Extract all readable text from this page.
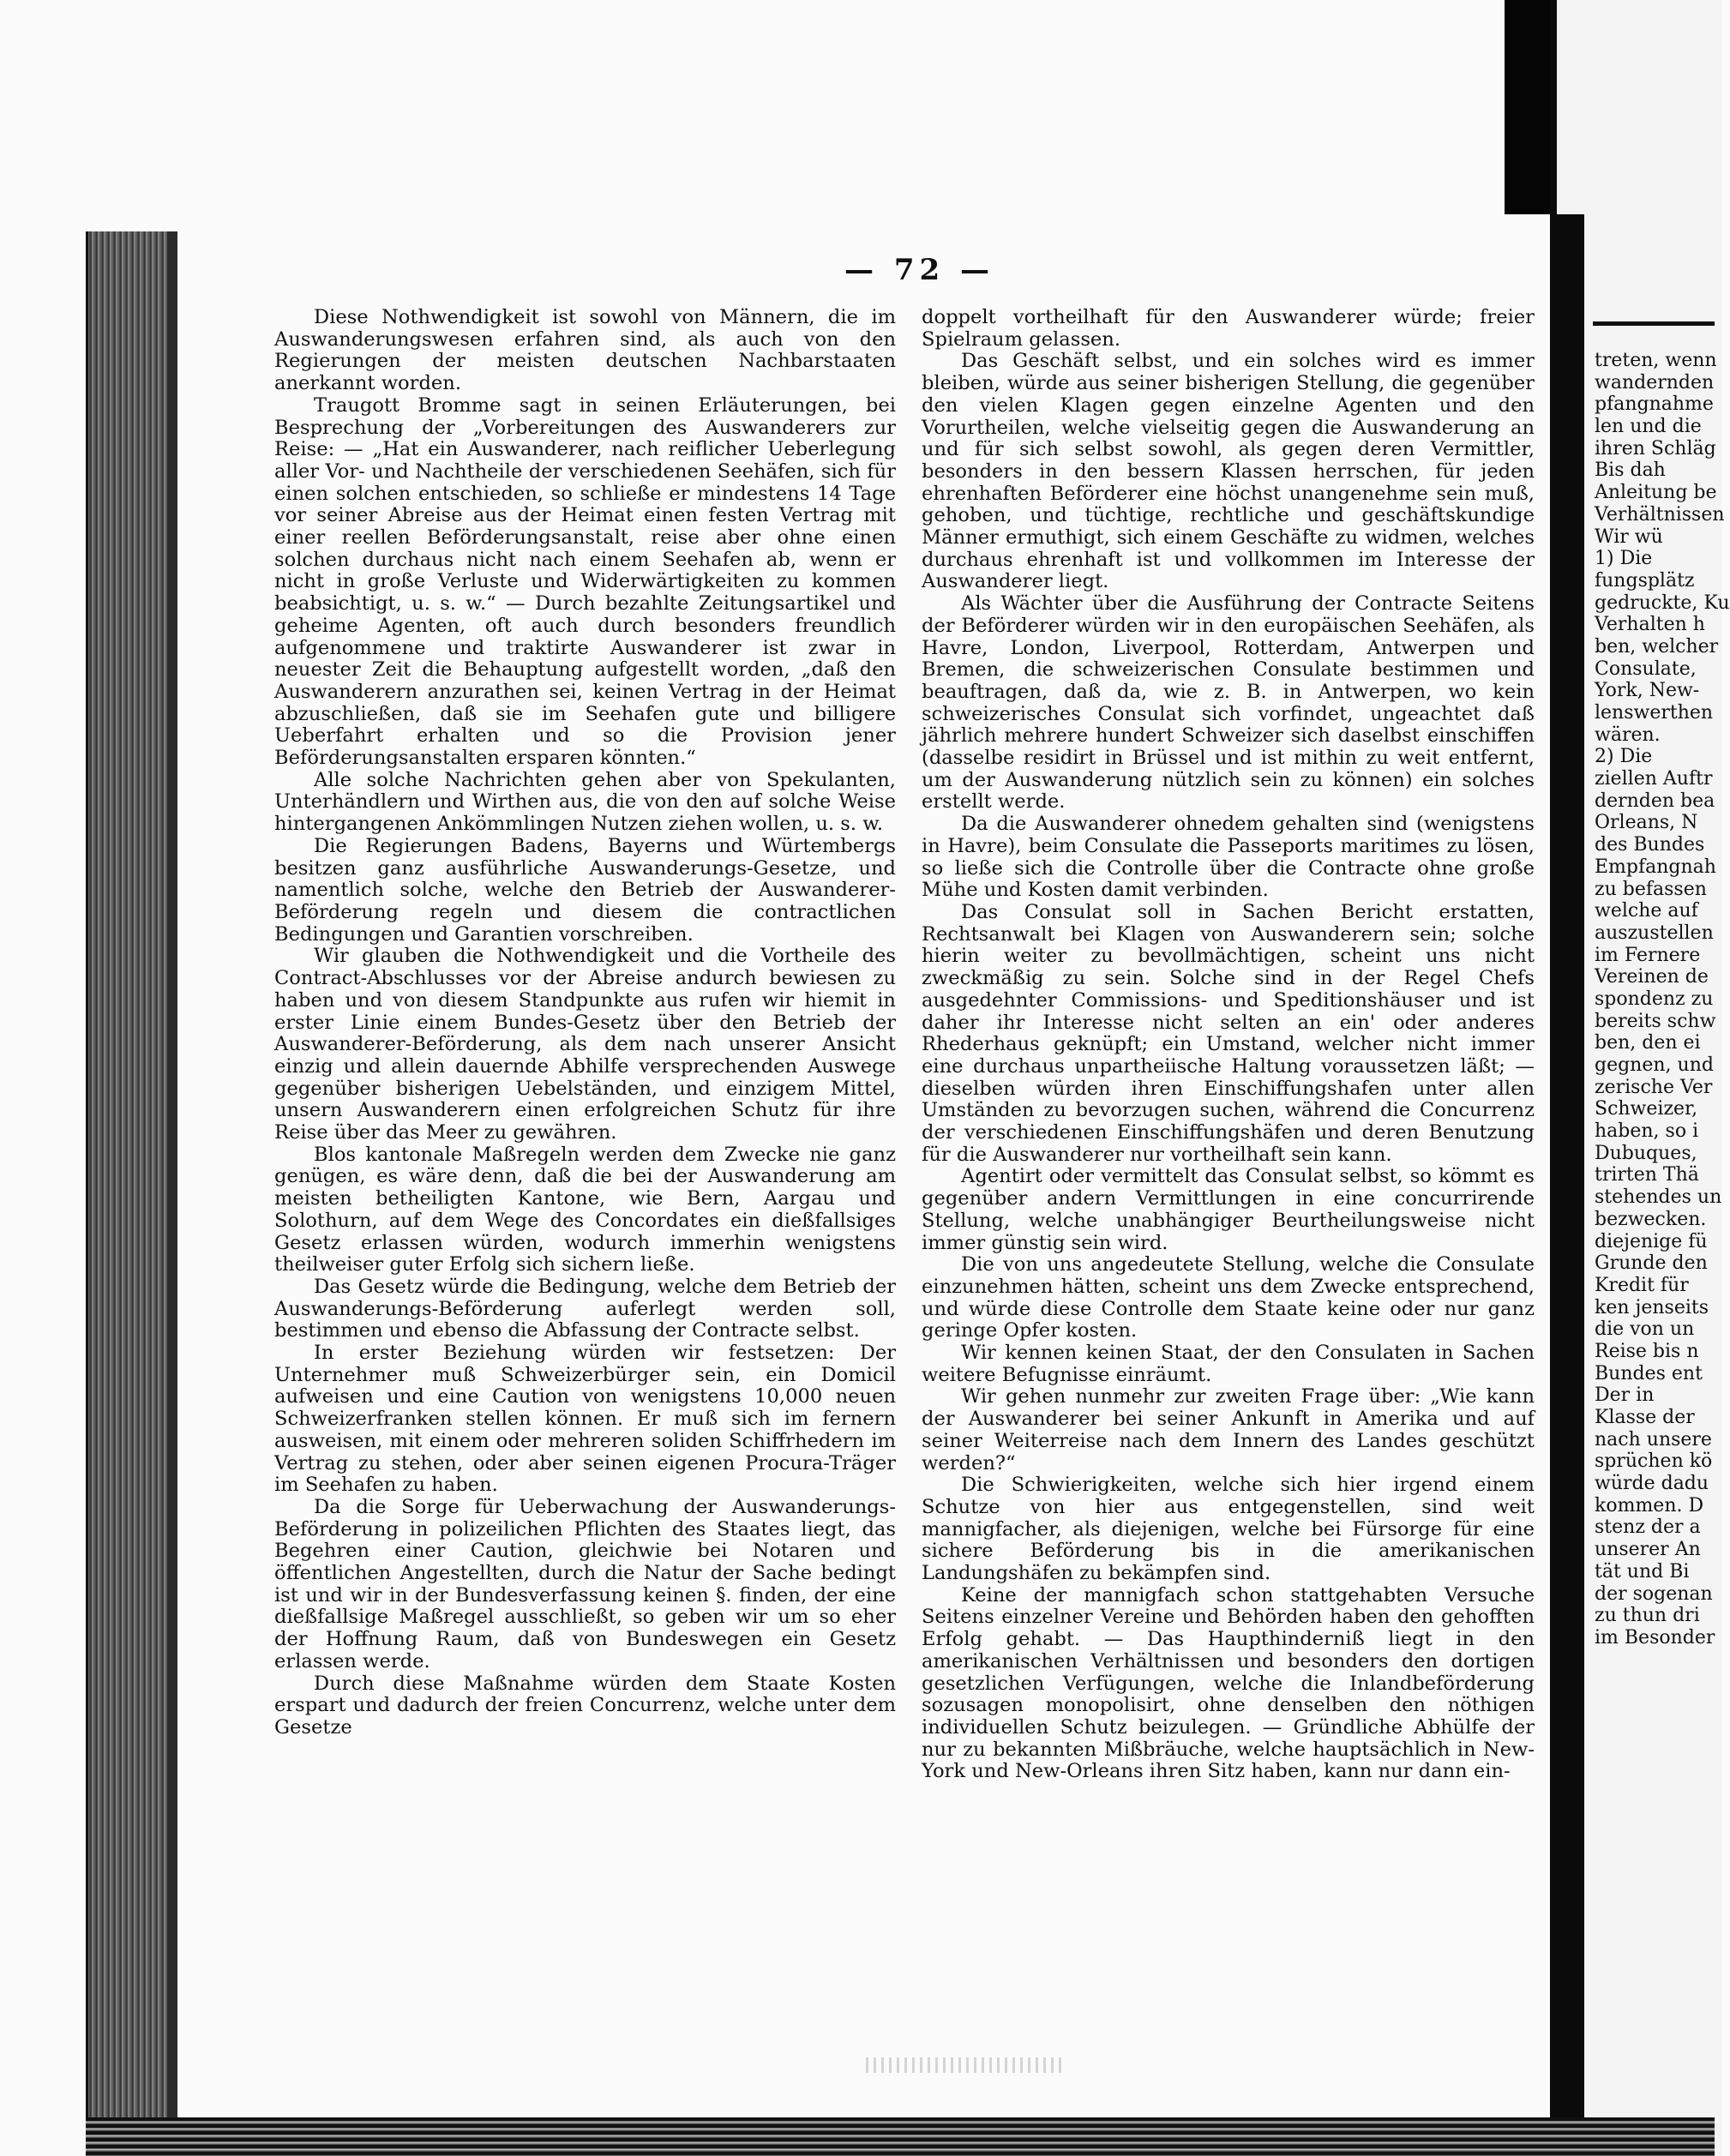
— 72 —

Diese Nothwendigkeit ist sowohl von Männern, die im Auswanderungswesen erfahren sind, als auch von den Regierungen der meisten deutschen Nachbarstaaten anerkannt worden.

Traugott Bromme sagt in seinen Erläuterungen, bei Besprechung der „Vorbereitungen des Auswanderers zur Reise: — „Hat ein Auswanderer, nach reiflicher Ueberlegung aller Vor- und Nachtheile der verschiedenen Seehäfen, sich für einen solchen entschieden, so schließe er mindestens 14 Tage vor seiner Abreise aus der Heimat einen festen Vertrag mit einer reellen Beförderungsanstalt, reise aber ohne einen solchen durchaus nicht nach einem Seehafen ab, wenn er nicht in große Verluste und Widerwärtigkeiten zu kommen beabsichtigt, u. s. w.“ — Durch bezahlte Zeitungsartikel und geheime Agenten, oft auch durch besonders freundlich aufgenommene und traktirte Auswanderer ist zwar in neuester Zeit die Behauptung aufgestellt worden, „daß den Auswanderern anzurathen sei, keinen Vertrag in der Heimat abzuschließen, daß sie im Seehafen gute und billigere Ueberfahrt erhalten und so die Provision jener Beförderungsanstalten ersparen könnten.“

Alle solche Nachrichten gehen aber von Spekulanten, Unterhändlern und Wirthen aus, die von den auf solche Weise hintergangenen Ankömmlingen Nutzen ziehen wollen, u. s. w.

Die Regierungen Badens, Bayerns und Würtembergs besitzen ganz ausführliche Auswanderungs-Gesetze, und namentlich solche, welche den Betrieb der Auswanderer-Beförderung regeln und diesem die contractlichen Bedingungen und Garantien vorschreiben.

Wir glauben die Nothwendigkeit und die Vortheile des Contract-Abschlusses vor der Abreise andurch bewiesen zu haben und von diesem Standpunkte aus rufen wir hiemit in erster Linie einem Bundes-Gesetz über den Betrieb der Auswanderer-Beförderung, als dem nach unserer Ansicht einzig und allein dauernde Abhilfe versprechenden Auswege gegenüber bisherigen Uebelständen, und einzigem Mittel, unsern Auswanderern einen erfolgreichen Schutz für ihre Reise über das Meer zu gewähren.

Blos kantonale Maßregeln werden dem Zwecke nie ganz genügen, es wäre denn, daß die bei der Auswanderung am meisten betheiligten Kantone, wie Bern, Aargau und Solothurn, auf dem Wege des Concordates ein dießfallsiges Gesetz erlassen würden, wodurch immerhin wenigstens theilweiser guter Erfolg sich sichern ließe.

Das Gesetz würde die Bedingung, welche dem Betrieb der Auswanderungs-Beförderung auferlegt werden soll, bestimmen und ebenso die Abfassung der Contracte selbst.

In erster Beziehung würden wir festsetzen: Der Unternehmer muß Schweizerbürger sein, ein Domicil aufweisen und eine Caution von wenigstens 10,000 neuen Schweizerfranken stellen können. Er muß sich im fernern ausweisen, mit einem oder mehreren soliden Schiffrhedern im Vertrag zu stehen, oder aber seinen eigenen Procura-Träger im Seehafen zu haben.

Da die Sorge für Ueberwachung der Auswanderungs-Beförderung in polizeilichen Pflichten des Staates liegt, das Begehren einer Caution, gleichwie bei Notaren und öffentlichen Angestellten, durch die Natur der Sache bedingt ist und wir in der Bundesverfassung keinen §. finden, der eine dießfallsige Maßregel ausschließt, so geben wir um so eher der Hoffnung Raum, daß von Bundeswegen ein Gesetz erlassen werde.

Durch diese Maßnahme würden dem Staate Kosten erspart und dadurch der freien Concurrenz, welche unter dem Gesetze

doppelt vortheilhaft für den Auswanderer würde; freier Spielraum gelassen.

Das Geschäft selbst, und ein solches wird es immer bleiben, würde aus seiner bisherigen Stellung, die gegenüber den vielen Klagen gegen einzelne Agenten und den Vorurtheilen, welche vielseitig gegen die Auswanderung an und für sich selbst sowohl, als gegen deren Vermittler, besonders in den bessern Klassen herrschen, für jeden ehrenhaften Beförderer eine höchst unangenehme sein muß, gehoben, und tüchtige, rechtliche und geschäftskundige Männer ermuthigt, sich einem Geschäfte zu widmen, welches durchaus ehrenhaft ist und vollkommen im Interesse der Auswanderer liegt.

Als Wächter über die Ausführung der Contracte Seitens der Beförderer würden wir in den europäischen Seehäfen, als Havre, London, Liverpool, Rotterdam, Antwerpen und Bremen, die schweizerischen Consulate bestimmen und beauftragen, daß da, wie z. B. in Antwerpen, wo kein schweizerisches Consulat sich vorfindet, ungeachtet daß jährlich mehrere hundert Schweizer sich daselbst einschiffen (dasselbe residirt in Brüssel und ist mithin zu weit entfernt, um der Auswanderung nützlich sein zu können) ein solches erstellt werde.

Da die Auswanderer ohnedem gehalten sind (wenigstens in Havre), beim Consulate die Passeports maritimes zu lösen, so ließe sich die Controlle über die Contracte ohne große Mühe und Kosten damit verbinden.

Das Consulat soll in Sachen Bericht erstatten, Rechtsanwalt bei Klagen von Auswanderern sein; solche hierin weiter zu bevollmächtigen, scheint uns nicht zweckmäßig zu sein. Solche sind in der Regel Chefs ausgedehnter Commissions- und Speditionshäuser und ist daher ihr Interesse nicht selten an ein' oder anderes Rhederhaus geknüpft; ein Umstand, welcher nicht immer eine durchaus unpartheiische Haltung voraussetzen läßt; — dieselben würden ihren Einschiffungshafen unter allen Umständen zu bevorzugen suchen, während die Concurrenz der verschiedenen Einschiffungshäfen und deren Benutzung für die Auswanderer nur vortheilhaft sein kann.

Agentirt oder vermittelt das Consulat selbst, so kömmt es gegenüber andern Vermittlungen in eine concurrirende Stellung, welche unabhängiger Beurtheilungsweise nicht immer günstig sein wird.

Die von uns angedeutete Stellung, welche die Consulate einzunehmen hätten, scheint uns dem Zwecke entsprechend, und würde diese Controlle dem Staate keine oder nur ganz geringe Opfer kosten.

Wir kennen keinen Staat, der den Consulaten in Sachen weitere Befugnisse einräumt.

Wir gehen nunmehr zur zweiten Frage über: „Wie kann der Auswanderer bei seiner Ankunft in Amerika und auf seiner Weiterreise nach dem Innern des Landes geschützt werden?“

Die Schwierigkeiten, welche sich hier irgend einem Schutze von hier aus entgegenstellen, sind weit mannigfacher, als diejenigen, welche bei Fürsorge für eine sichere Beförderung bis in die amerikanischen Landungshäfen zu bekämpfen sind.

Keine der mannigfach schon stattgehabten Versuche Seitens einzelner Vereine und Behörden haben den gehofften Erfolg gehabt. — Das Haupthinderniß liegt in den amerikanischen Verhältnissen und besonders den dortigen gesetzlichen Verfügungen, welche die Inlandbeförderung sozusagen monopolisirt, ohne denselben den nöthigen individuellen Schutz beizulegen. — Gründliche Abhülfe der nur zu bekannten Mißbräuche, welche hauptsächlich in New-York und New-Orleans ihren Sitz haben, kann nur dann ein-

treten, wenn
wandernden
pfangnahme
len und die
ihren Schläg
Bis dah
Anleitung be
Verhältnissen
Wir wü
1) Die
fungsplätz
gedruckte, Ku
Verhalten h
ben, welcher
Consulate,
York, New-
lenswerthen
wären.
2) Die
ziellen Auftr
dernden bea
Orleans, N
des Bundes
Empfangnah
zu befassen
welche auf
auszustellen
im Fernere
Vereinen de
spondenz zu
bereits schw
ben, den ei
gegnen, und
zerische Ver
Schweizer,
haben, so i
Dubuques,
trirten Thä
stehendes un
bezwecken.
diejenige fü
Grunde den
Kredit für
ken jenseits
die von un
Reise bis n
Bundes ent
Der in
Klasse der
nach unsere
sprüchen kö
würde dadu
kommen. D
stenz der a
unserer An
tät und Bi
der sogenan
zu thun dri
im Besonder
